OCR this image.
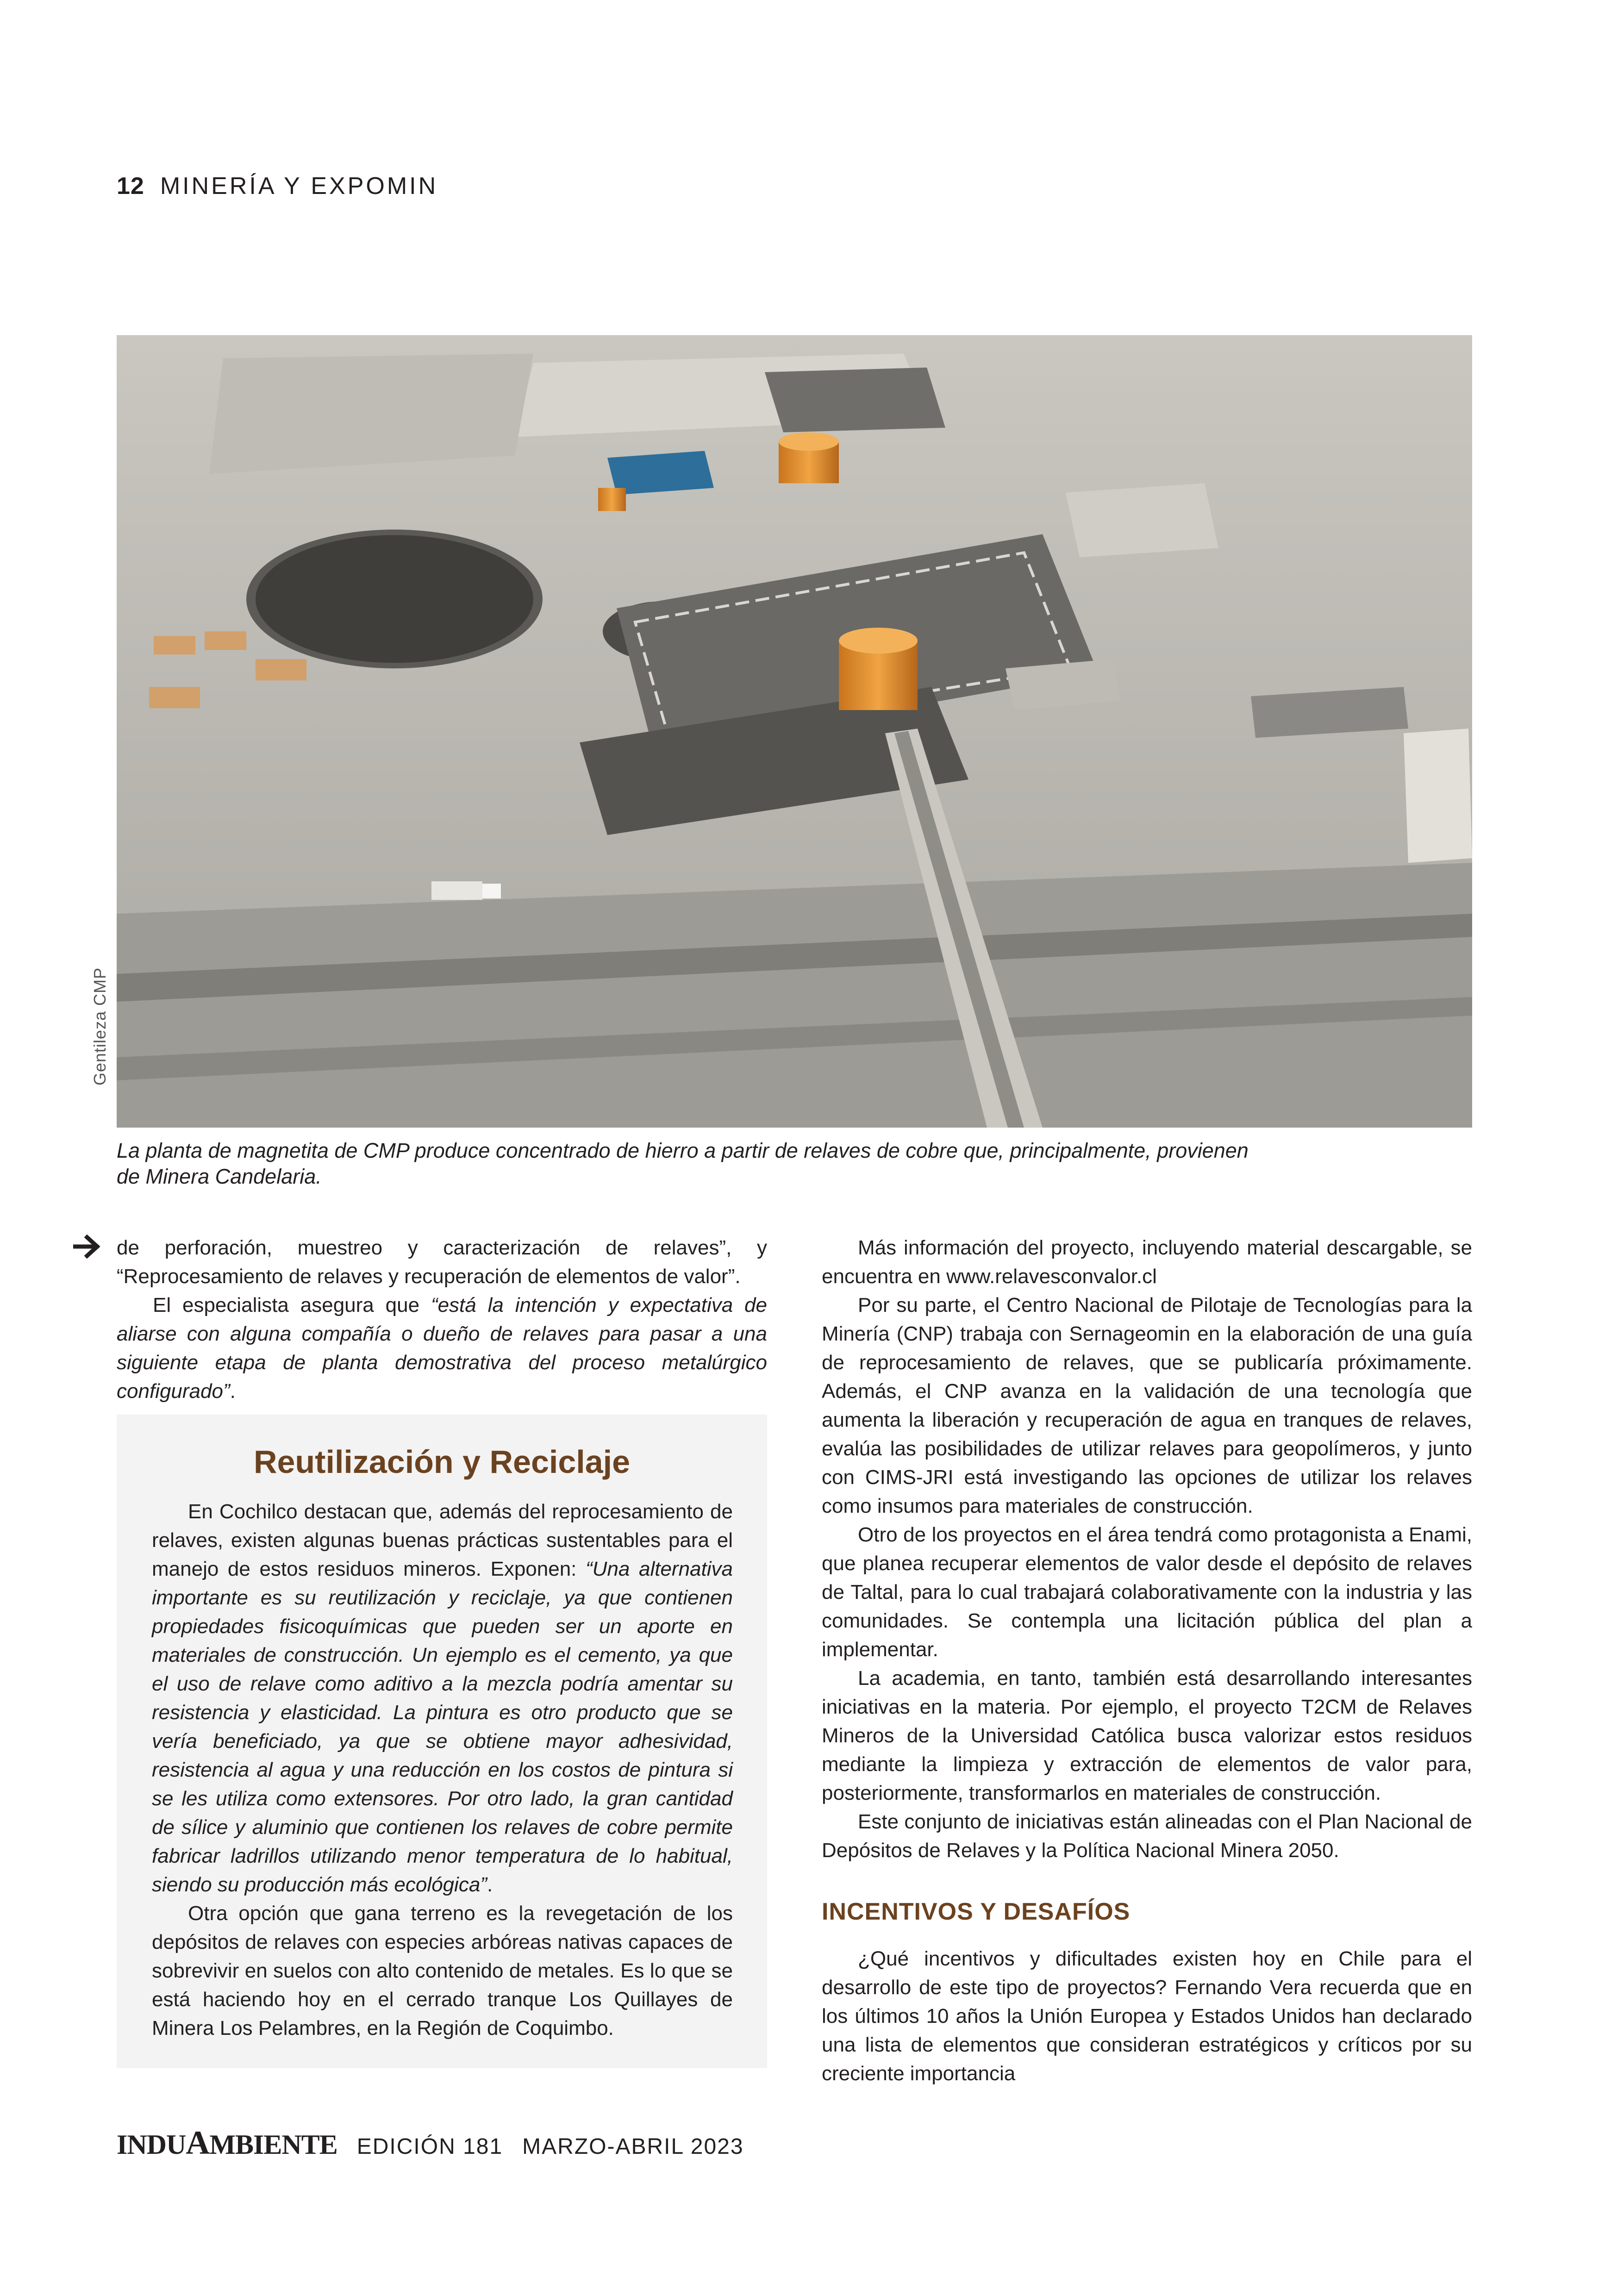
12 MINERÍA Y EXPOMIN
Gentileza CMP
La planta de magnetita de CMP produce concentrado de hierro a partir de relaves de cobre que, principalmente, provienen de Minera Candelaria.

de perforación, muestreo y caracterización de relaves”, y “Reprocesamiento de relaves y recuperación de elementos de valor”.

El especialista asegura que “está la intención y expectativa de aliarse con alguna compañía o dueño de relaves para pasar a una siguiente etapa de planta demostrativa del proceso metalúrgico configurado”.

Reutilización y Reciclaje

En Cochilco destacan que, además del reprocesamiento de relaves, existen algunas buenas prácticas sustentables para el manejo de estos residuos mineros. Exponen: “Una alternativa importante es su reutilización y reciclaje, ya que contienen propiedades fisicoquímicas que pueden ser un aporte en materiales de construcción. Un ejemplo es el cemento, ya que el uso de relave como aditivo a la mezcla podría amentar su resistencia y elasticidad. La pintura es otro producto que se vería beneficiado, ya que se obtiene mayor adhesividad, resistencia al agua y una reducción en los costos de pintura si se les utiliza como extensores. Por otro lado, la gran cantidad de sílice y aluminio que contienen los relaves de cobre permite fabricar ladrillos utilizando menor temperatura de lo habitual, siendo su producción más ecológica”.

Otra opción que gana terreno es la revegetación de los depósitos de relaves con especies arbóreas nativas capaces de sobrevivir en suelos con alto contenido de metales. Es lo que se está haciendo hoy en el cerrado tranque Los Quillayes de Minera Los Pelambres, en la Región de Coquimbo.

Más información del proyecto, incluyendo material descargable, se encuentra en www.relavesconvalor.cl

Por su parte, el Centro Nacional de Pilotaje de Tecnologías para la Minería (CNP) trabaja con Sernageomin en la elaboración de una guía de reprocesamiento de relaves, que se publicaría próximamente. Además, el CNP avanza en la validación de una tecnología que aumenta la liberación y recuperación de agua en tranques de relaves, evalúa las posibilidades de utilizar relaves para geopolímeros, y junto con CIMS-JRI está investigando las opciones de utilizar los relaves como insumos para materiales de construcción.

Otro de los proyectos en el área tendrá como protagonista a Enami, que planea recuperar elementos de valor desde el depósito de relaves de Taltal, para lo cual trabajará colaborativamente con la industria y las comunidades. Se contempla una licitación pública del plan a implementar.

La academia, en tanto, también está desarrollando interesantes iniciativas en la materia. Por ejemplo, el proyecto T2CM de Relaves Mineros de la Universidad Católica busca valorizar estos residuos mediante la limpieza y extracción de elementos de valor para, posteriormente, transformarlos en materiales de construcción.

Este conjunto de iniciativas están alineadas con el Plan Nacional de Depósitos de Relaves y la Política Nacional Minera 2050.

INCENTIVOS Y DESAFÍOS

¿Qué incentivos y dificultades existen hoy en Chile para el desarrollo de este tipo de proyectos? Fernando Vera recuerda que en los últimos 10 años la Unión Europea y Estados Unidos han declarado una lista de elementos que consideran estratégicos y críticos por su creciente importancia

INDUAMBIENTE EDICIÓN 181 MARZO-ABRIL 2023
